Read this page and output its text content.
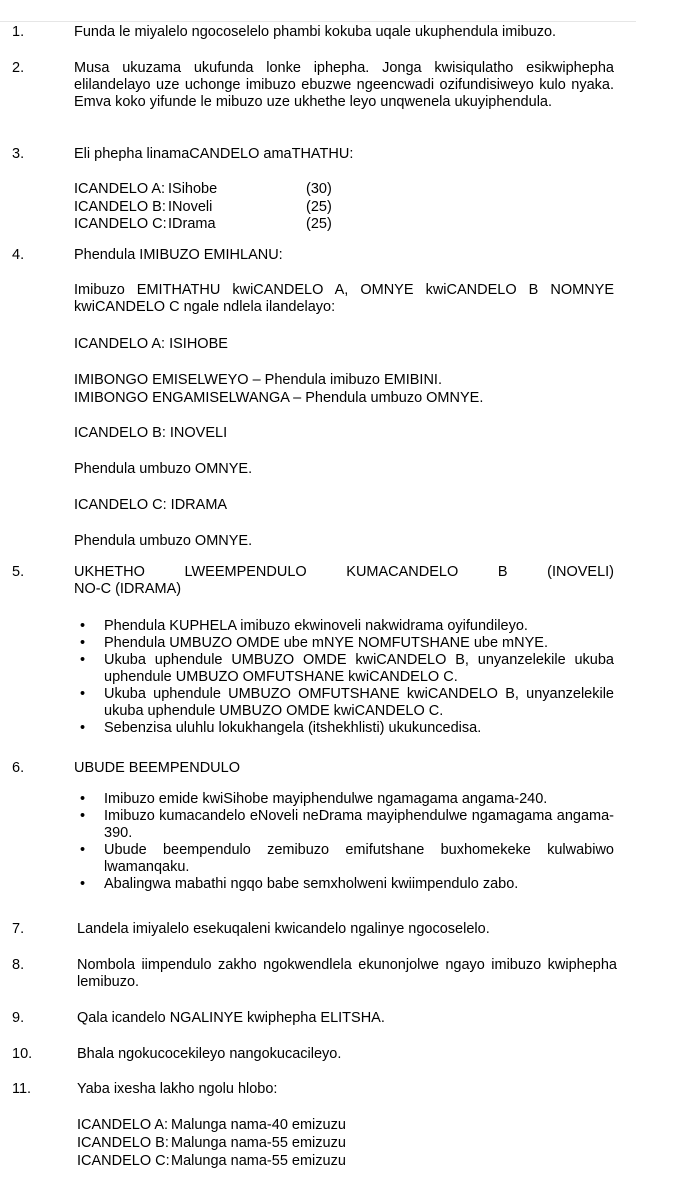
1.	Funda le miyalelo ngocoselelo phambi kokuba uqale ukuphendula imibuzo.
2.	Musa ukuzama ukufunda lonke iphepha. Jonga kwisiqulatho esikwiphepha elilandelayo uze uchonge imibuzo ebuzwe ngeencwadi ozifundisiweyo kulo nyaka. Emva koko yifunde le mibuzo uze ukhethe leyo unqwenela ukuyiphendula.
3.	Eli phepha linamaCANDELO amaTHATHU:
ICANDELO A: ISihobe	(30)
ICANDELO B: INoveli	(25)
ICANDELO C:IDrama	(25)
4.	Phendula IMIBUZO EMIHLANU:
Imibuzo EMITHATHU kwiCANDELO A, OMNYE kwiCANDELO B NOMNYE kwiCANDELO C ngale ndlela ilandelayo:
ICANDELO A: ISIHOBE
IMIBONGO EMISELWEYO – Phendula imibuzo EMIBINI.
IMIBONGO ENGAMISELWANGA – Phendula umbuzo OMNYE.
ICANDELO B: INOVELI
Phendula umbuzo OMNYE.
ICANDELO C: IDRAMA
Phendula umbuzo OMNYE.
5.	UKHETHO LWEEMPENDULO KUMACANDELO B (INOVELI)
NO-C (IDRAMA)
• Phendula KUPHELA imibuzo ekwinoveli nakwidrama oyifundileyo.
• Phendula UMBUZO OMDE ube mNYE NOMFUTSHANE ube mNYE.
• Ukuba uphendule UMBUZO OMDE kwiCANDELO B, unyanzelekile ukuba uphendule UMBUZO OMFUTSHANE kwiCANDELO C.
• Ukuba uphendule UMBUZO OMFUTSHANE kwiCANDELO B, unyanzelekile ukuba uphendule UMBUZO OMDE kwiCANDELO C.
• Sebenzisa uluhlu lokukhangela (itshekhlisti) ukukuncedisa.
6.	UBUDE BEEMPENDULO
• Imibuzo emide kwiSihobe mayiphendulwe ngamagama angama-240.
• Imibuzo kumacandelo eNoveli neDrama mayiphendulwe ngamagama angama-390.
• Ubude beempendulo zemibuzo emifutshane buxhomekeke kulwabiwo lwamanqaku.
• Abalingwa mabathi ngqo babe semxholweni kwiimpendulo zabo.
7.	Landela imiyalelo esekuqaleni kwicandelo ngalinye ngocoselelo.
8.	Nombola iimpendulo zakho ngokwendlela ekunonjolwe ngayo imibuzo kwiphepha lemibuzo.
9.	Qala icandelo NGALINYE kwiphepha ELITSHA.
10.	Bhala ngokucocekileyo nangokucacileyo.
11.	Yaba ixesha lakho ngolu hlobo:
ICANDELO A: Malunga nama-40 emizuzu
ICANDELO B: Malunga nama-55 emizuzu
ICANDELO C:Malunga nama-55 emizuzu
